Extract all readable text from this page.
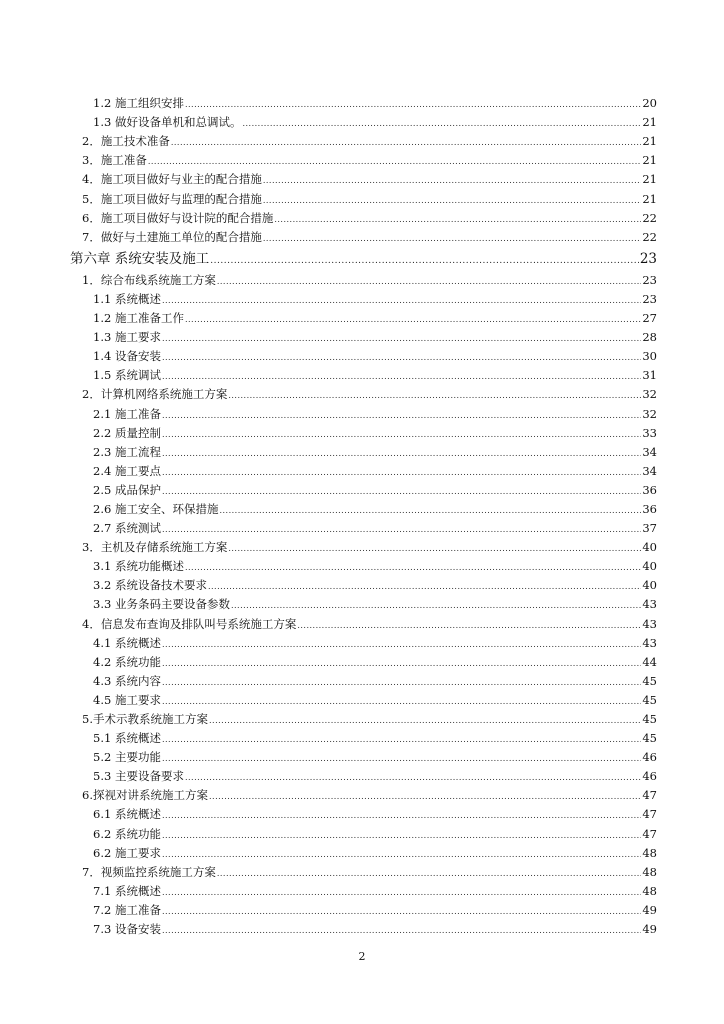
1.2 施工组织安排 .....	20
1.3 做好设备单机和总调试。 .....	21
2．施工技术准备 .....	21
3．施工准备 .....	21
4．施工项目做好与业主的配合措施 .....	21
5．施工项目做好与监理的配合措施 .....	21
6．施工项目做好与设计院的配合措施 .....	22
7．做好与土建施工单位的配合措施 .....	22
第六章 系统安装及施工 .....	23
1．综合布线系统施工方案 .....	23
1.1 系统概述 .....	23
1.2 施工准备工作 .....	27
1.3 施工要求 .....	28
1.4 设备安装 .....	30
1.5 系统调试 .....	31
2．计算机网络系统施工方案 .....	32
2.1 施工准备 .....	32
2.2 质量控制 .....	33
2.3 施工流程 .....	34
2.4 施工要点 .....	34
2.5 成品保护 .....	36
2.6 施工安全、环保措施 .....	36
2.7 系统测试 .....	37
3．主机及存储系统施工方案 .....	40
3.1 系统功能概述 .....	40
3.2 系统设备技术要求 .....	40
3.3 业务条码主要设备参数 .....	43
4．信息发布查询及排队叫号系统施工方案 .....	43
4.1 系统概述 .....	43
4.2 系统功能 .....	44
4.3 系统内容 .....	45
4.5 施工要求 .....	45
5.手术示教系统施工方案 .....	45
5.1 系统概述 .....	45
5.2 主要功能 .....	46
5.3 主要设备要求 .....	46
6.探视对讲系统施工方案 .....	47
6.1 系统概述 .....	47
6.2 系统功能 .....	47
6.2 施工要求 .....	48
7．视频监控系统施工方案 .....	48
7.1 系统概述 .....	48
7.2 施工准备 .....	49
7.3 设备安装 .....	49
2
